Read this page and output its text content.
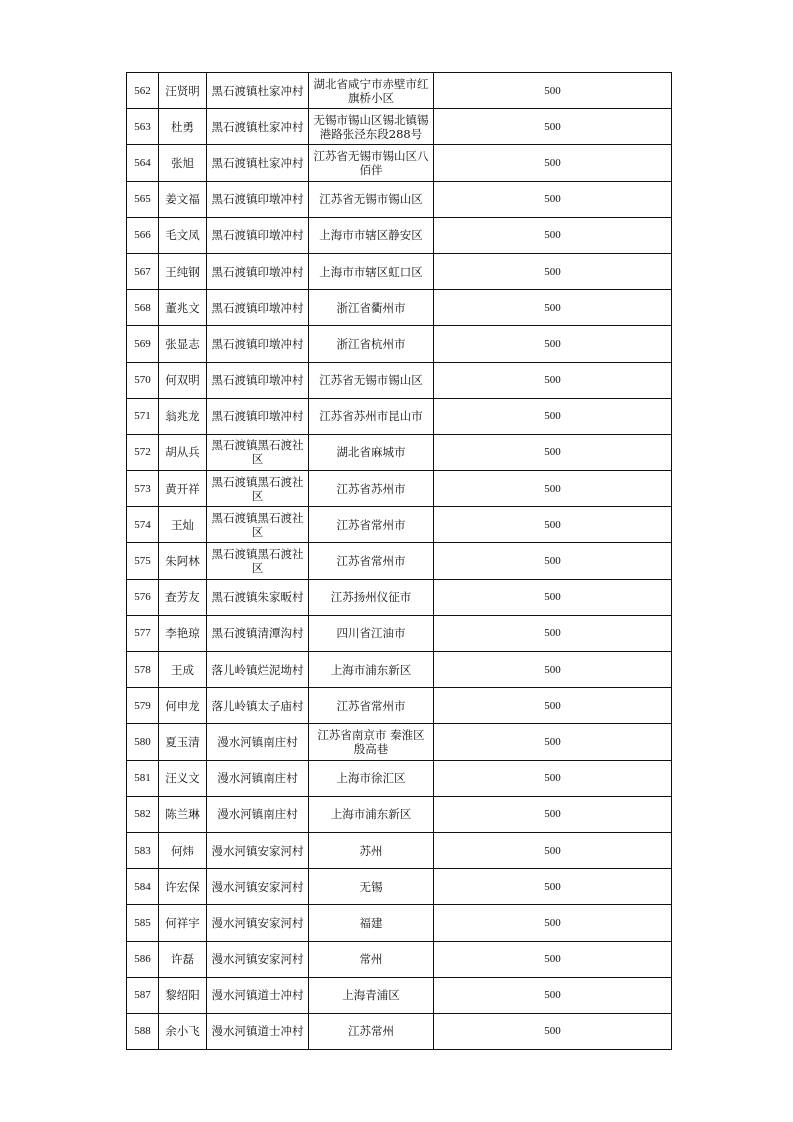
562	汪贤明	黑石渡镇杜家冲村	湖北省咸宁市赤壁市红旗桥小区	500
563	杜勇	黑石渡镇杜家冲村	无锡市锡山区锡北镇锡港路张泾东段288号	500
564	张旭	黑石渡镇杜家冲村	江苏省无锡市锡山区八佰伴	500
565	姜文福	黑石渡镇印墩冲村	江苏省无锡市锡山区	500
566	毛文凤	黑石渡镇印墩冲村	上海市市辖区静安区	500
567	王纯钢	黑石渡镇印墩冲村	上海市市辖区虹口区	500
568	董兆文	黑石渡镇印墩冲村	浙江省衢州市	500
569	张显志	黑石渡镇印墩冲村	浙江省杭州市	500
570	何双明	黑石渡镇印墩冲村	江苏省无锡市锡山区	500
571	翁兆龙	黑石渡镇印墩冲村	江苏省苏州市昆山市	500
572	胡从兵	黑石渡镇黑石渡社区	湖北省麻城市	500
573	黄开祥	黑石渡镇黑石渡社区	江苏省苏州市	500
574	王灿	黑石渡镇黑石渡社区	江苏省常州市	500
575	朱阿林	黑石渡镇黑石渡社区	江苏省常州市	500
576	查芳友	黑石渡镇朱家畈村	江苏扬州仪征市	500
577	李艳琼	黑石渡镇清潭沟村	四川省江油市	500
578	王成	落儿岭镇烂泥坳村	上海市浦东新区	500
579	何申龙	落儿岭镇太子庙村	江苏省常州市	500
580	夏玉清	漫水河镇南庄村	江苏省南京市 秦淮区 殷高巷	500
581	汪义文	漫水河镇南庄村	上海市徐汇区	500
582	陈兰琳	漫水河镇南庄村	上海市浦东新区	500
583	何炜	漫水河镇安家河村	苏州	500
584	许宏保	漫水河镇安家河村	无锡	500
585	何祥宇	漫水河镇安家河村	福建	500
586	许磊	漫水河镇安家河村	常州	500
587	黎绍阳	漫水河镇道士冲村	上海青浦区	500
588	余小飞	漫水河镇道士冲村	江苏常州	500
